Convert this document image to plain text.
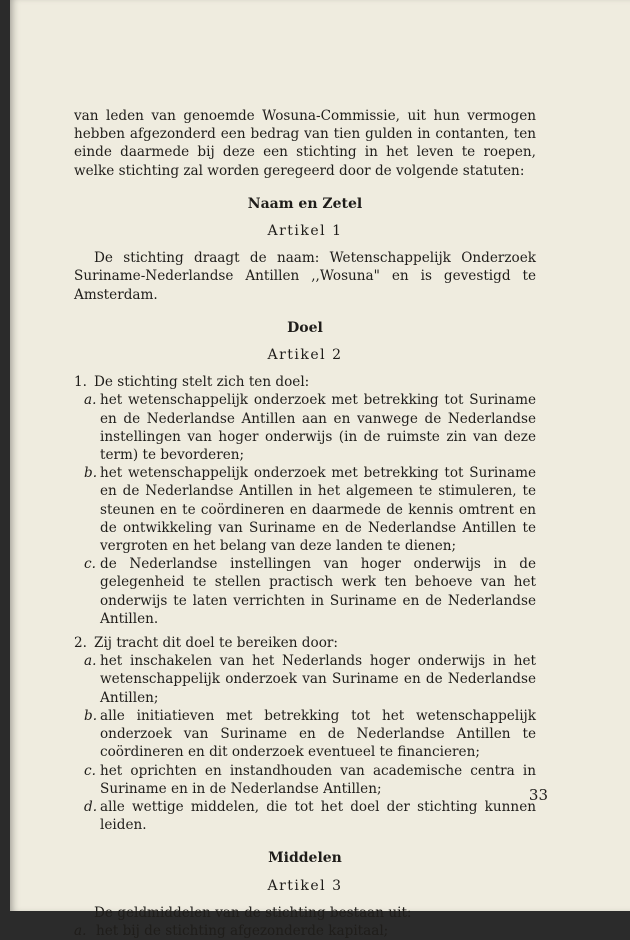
van leden van genoemde Wosuna-Commissie, uit hun vermogen hebben afgezonderd een bedrag van tien gulden in contanten, ten einde daarmede bij deze een stichting in het leven te roepen, welke stichting zal worden geregeerd door de volgende statuten:

Naam en Zetel
Artikel 1

De stichting draagt de naam: Wetenschappelijk Onderzoek Suriname-Nederlandse Antillen ,,Wosuna" en is gevestigd te Amsterdam.

Doel
Artikel 2
1. De stichting stelt zich ten doel:

a. het wetenschappelijk onderzoek met betrekking tot Suriname en de Nederlandse Antillen aan en vanwege de Nederlandse instellingen van hoger onderwijs (in de ruimste zin van deze term) te bevorderen;

b. het wetenschappelijk onderzoek met betrekking tot Suriname en de Nederlandse Antillen in het algemeen te stimuleren, te steunen en te coördineren en daarmede de kennis omtrent en de ontwikkeling van Suriname en de Nederlandse Antillen te vergroten en het belang van deze landen te dienen;

c. de Nederlandse instellingen van hoger onderwijs in de gelegenheid te stellen practisch werk ten behoeve van het onderwijs te laten verrichten in Suriname en de Nederlandse Antillen.

2. Zij tracht dit doel te bereiken door:

a. het inschakelen van het Nederlands hoger onderwijs in het wetenschappelijk onderzoek van Suriname en de Nederlandse Antillen;

b. alle initiatieven met betrekking tot het wetenschappelijk onderzoek van Suriname en de Nederlandse Antillen te coördineren en dit onderzoek eventueel te financieren;

c. het oprichten en instandhouden van academische centra in Suriname en in de Nederlandse Antillen;

d. alle wettige middelen, die tot het doel der stichting kunnen leiden.

Middelen
Artikel 3

De geldmiddelen van de stichting bestaan uit:

a. het bij de stichting afgezonderde kapitaal;

33
